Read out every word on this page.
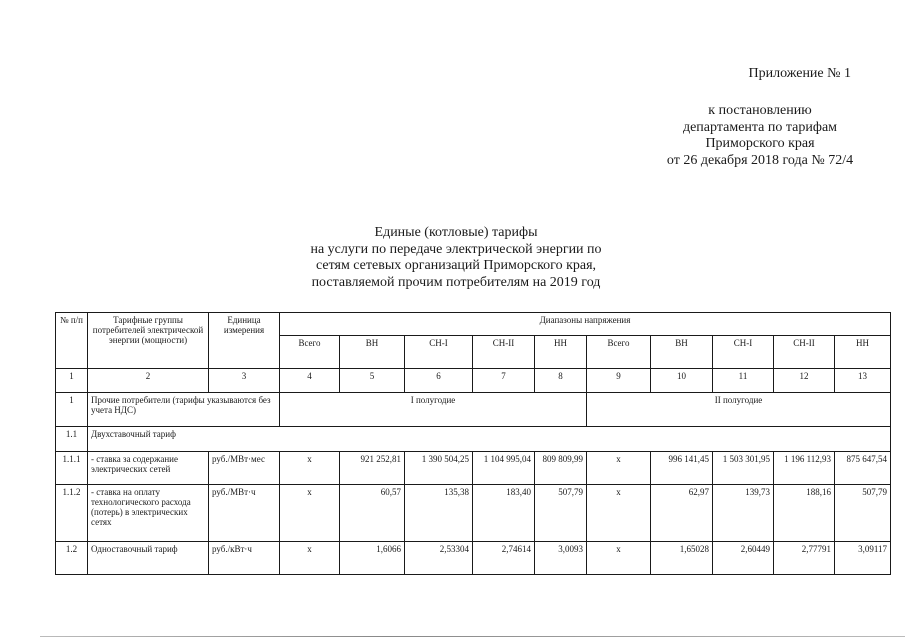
Приложение № 1
к постановлению
департамента по тарифам
Приморского края
от 26 декабря 2018 года № 72/4
Единые (котловые) тарифы
на услуги по передаче электрической энергии по
сетям сетевых организаций Приморского края,
поставляемой прочим потребителям на 2019 год
№ п/п	Тарифные группы потребителей электрической энергии (мощности)	Единица измерения	Диапазоны напряжения									
			Всего	ВН	СН-I	СН-II	НН	Всего	ВН	СН-I	СН-II	НН
1	2	3	4	5	6	7	8	9	10	11	12	13
1	Прочие потребители (тарифы указываются без учета НДС)		I полугодие					II полугодие				
1.1	Двухставочный тариф											
1.1.1	- ставка за содержание электрических сетей	руб./МВт·мес	x	921 252,81	1 390 504,25	1 104 995,04	809 809,99	x	996 141,45	1 503 301,95	1 196 112,93	875 647,54
1.1.2	- ставка на оплату технологического расхода (потерь) в электрических сетях	руб./МВт·ч	x	60,57	135,38	183,40	507,79	x	62,97	139,73	188,16	507,79
1.2	Одноставочный тариф	руб./кВт·ч	x	1,6066	2,53304	2,74614	3,0093	x	1,65028	2,60449	2,77791	3,09117
